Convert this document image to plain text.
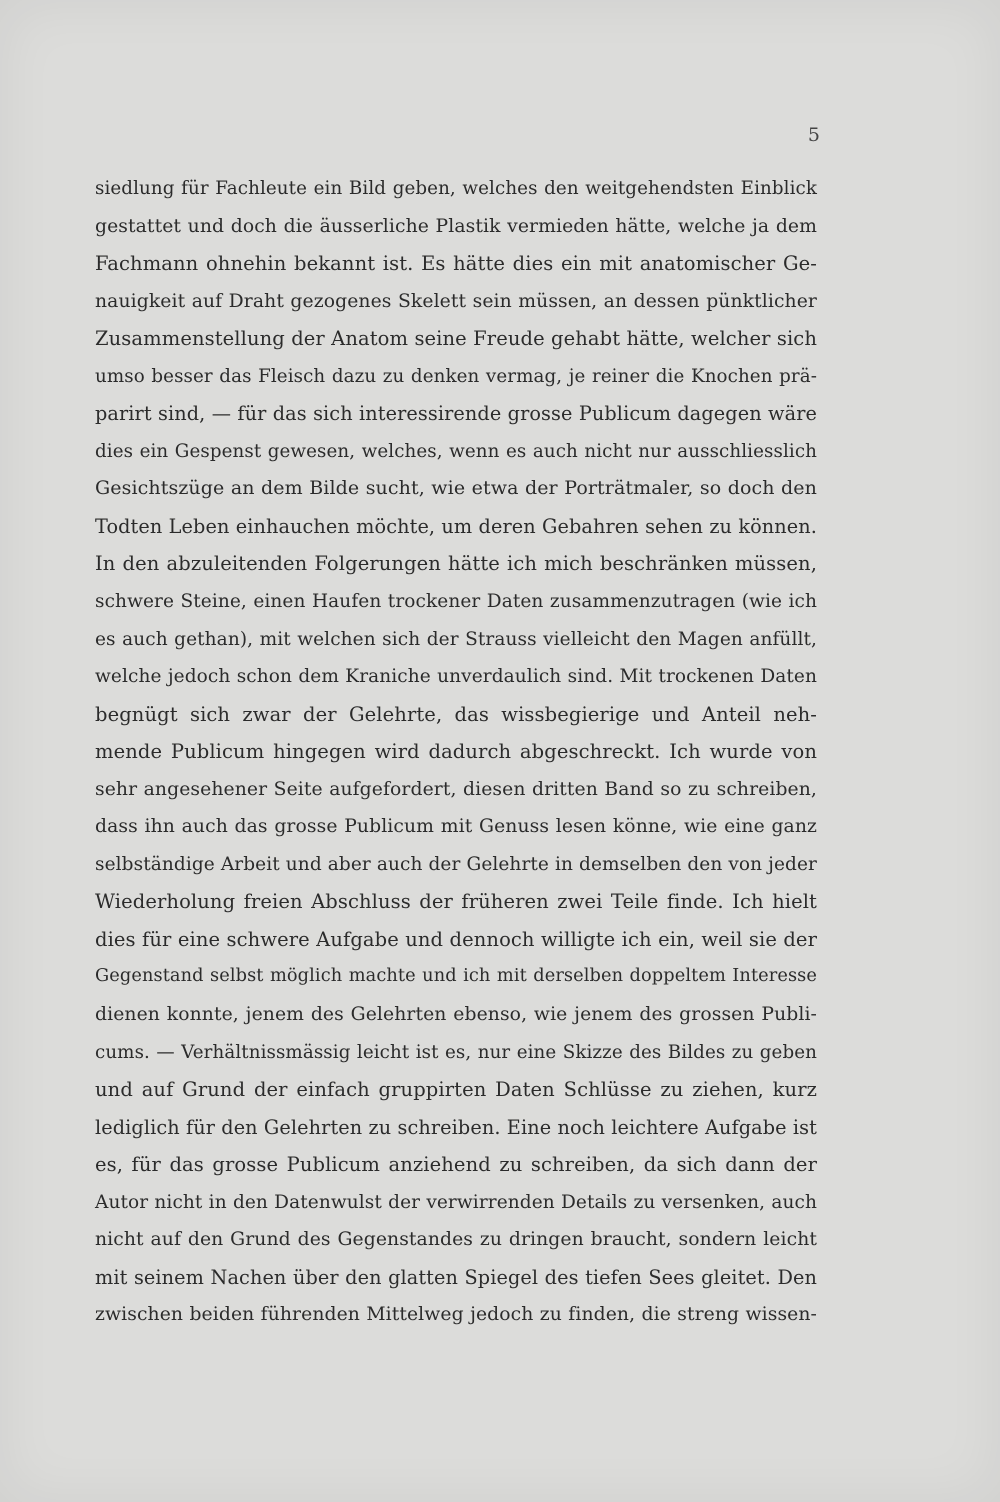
5
siedlung für Fachleute ein Bild geben, welches den weitgehendsten Einblick
gestattet und doch die äusserliche Plastik vermieden hätte, welche ja dem
Fachmann ohnehin bekannt ist. Es hätte dies ein mit anatomischer Ge-
nauigkeit auf Draht gezogenes Skelett sein müssen, an dessen pünktlicher
Zusammenstellung der Anatom seine Freude gehabt hätte, welcher sich
umso besser das Fleisch dazu zu denken vermag, je reiner die Knochen prä-
parirt sind, — für das sich interessirende grosse Publicum dagegen wäre
dies ein Gespenst gewesen, welches, wenn es auch nicht nur ausschliesslich
Gesichtszüge an dem Bilde sucht, wie etwa der Porträtmaler, so doch den
Todten Leben einhauchen möchte, um deren Gebahren sehen zu können.
In den abzuleitenden Folgerungen hätte ich mich beschränken müssen,
schwere Steine, einen Haufen trockener Daten zusammenzutragen (wie ich
es auch gethan), mit welchen sich der Strauss vielleicht den Magen anfüllt,
welche jedoch schon dem Kraniche unverdaulich sind. Mit trockenen Daten
begnügt sich zwar der Gelehrte, das wissbegierige und Anteil neh-
mende Publicum hingegen wird dadurch abgeschreckt. Ich wurde von
sehr angesehener Seite aufgefordert, diesen dritten Band so zu schreiben,
dass ihn auch das grosse Publicum mit Genuss lesen könne, wie eine ganz
selbständige Arbeit und aber auch der Gelehrte in demselben den von jeder
Wiederholung freien Abschluss der früheren zwei Teile finde. Ich hielt
dies für eine schwere Aufgabe und dennoch willigte ich ein, weil sie der
Gegenstand selbst möglich machte und ich mit derselben doppeltem Interesse
dienen konnte, jenem des Gelehrten ebenso, wie jenem des grossen Publi-
cums. — Verhältnissmässig leicht ist es, nur eine Skizze des Bildes zu geben
und auf Grund der einfach gruppirten Daten Schlüsse zu ziehen, kurz
lediglich für den Gelehrten zu schreiben. Eine noch leichtere Aufgabe ist
es, für das grosse Publicum anziehend zu schreiben, da sich dann der
Autor nicht in den Datenwulst der verwirrenden Details zu versenken, auch
nicht auf den Grund des Gegenstandes zu dringen braucht, sondern leicht
mit seinem Nachen über den glatten Spiegel des tiefen Sees gleitet. Den
zwischen beiden führenden Mittelweg jedoch zu finden, die streng wissen-
